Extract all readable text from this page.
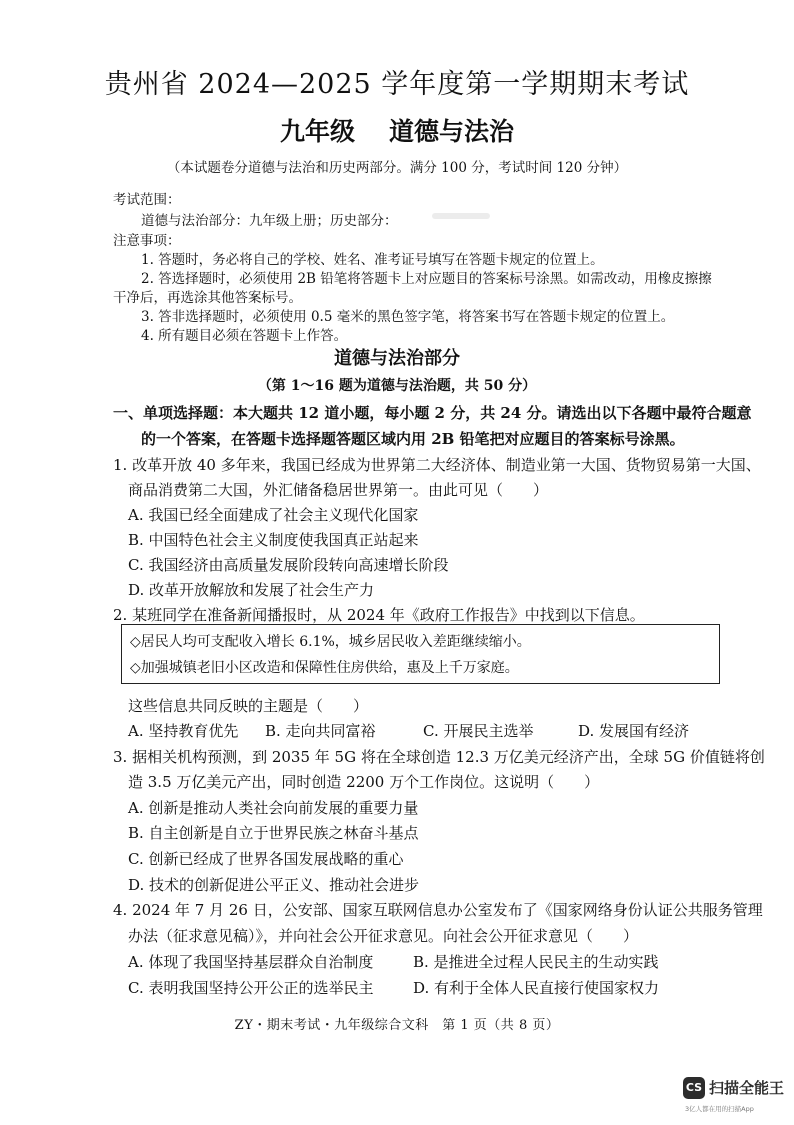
贵州省 2024—2025 学年度第一学期期末考试
九年级 道德与法治
（本试题卷分道德与法治和历史两部分。满分 100 分，考试时间 120 分钟）
考试范围：
道德与法治部分：九年级上册；历史部分：
注意事项：
1. 答题时，务必将自己的学校、姓名、准考证号填写在答题卡规定的位置上。
2. 答选择题时，必须使用 2B 铅笔将答题卡上对应题目的答案标号涂黑。如需改动，用橡皮擦擦
干净后，再选涂其他答案标号。
3. 答非选择题时，必须使用 0.5 毫米的黑色签字笔，将答案书写在答题卡规定的位置上。
4. 所有题目必须在答题卡上作答。
道德与法治部分
（第 1～16 题为道德与法治题，共 50 分）
一、单项选择题：本大题共 12 道小题，每小题 2 分，共 24 分。请选出以下各题中最符合题意
的一个答案，在答题卡选择题答题区域内用 2B 铅笔把对应题目的答案标号涂黑。
1. 改革开放 40 多年来，我国已经成为世界第二大经济体、制造业第一大国、货物贸易第一大国、
商品消费第二大国，外汇储备稳居世界第一。由此可见（　　）
A. 我国已经全面建成了社会主义现代化国家
B. 中国特色社会主义制度使我国真正站起来
C. 我国经济由高质量发展阶段转向高速增长阶段
D. 改革开放解放和发展了社会生产力
2. 某班同学在准备新闻播报时，从 2024 年《政府工作报告》中找到以下信息。
◇居民人均可支配收入增长 6.1%，城乡居民收入差距继续缩小。
◇加强城镇老旧小区改造和保障性住房供给，惠及上千万家庭。
这些信息共同反映的主题是（　　）
A. 坚持教育优先 B. 走向共同富裕	C. 开展民主选举	D. 发展国有经济
3. 据相关机构预测，到 2035 年 5G 将在全球创造 12.3 万亿美元经济产出，全球 5G 价值链将创
造 3.5 万亿美元产出，同时创造 2200 万个工作岗位。这说明（　　）
A. 创新是推动人类社会向前发展的重要力量
B. 自主创新是自立于世界民族之林奋斗基点
C. 创新已经成了世界各国发展战略的重心
D. 技术的创新促进公平正义、推动社会进步
4. 2024 年 7 月 26 日，公安部、国家互联网信息办公室发布了《国家网络身份认证公共服务管理
办法（征求意见稿）》，并向社会公开征求意见。向社会公开征求意见（　　）
A. 体现了我国坚持基层群众自治制度	B. 是推进全过程人民民主的生动实践
C. 表明我国坚持公开公正的选举民主	D. 有利于全体人民直接行使国家权力
ZY・期末考试・九年级综合文科　第 1 页（共 8 页）
CS 扫描全能王
3亿人都在用的扫描App
